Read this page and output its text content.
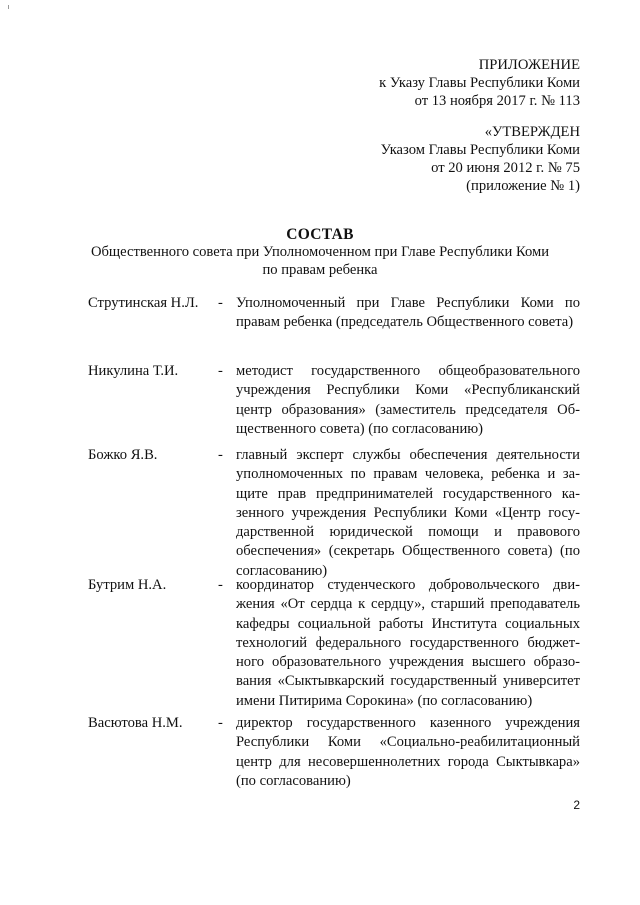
ПРИЛОЖЕНИЕ
к Указу Главы Республики Коми
от 13 ноября 2017 г. № 113
«УТВЕРЖДЕН
Указом Главы Республики Коми
от 20 июня 2012 г. № 75
(приложение № 1)
СОСТАВ
Общественного совета при Уполномоченном при Главе Республики Коми
по правам ребенка
Струтинская Н.Л.	- Уполномоченный при Главе Республики Коми по правам ребенка (председатель Общественного совета)
Никулина Т.И.	- методист государственного общеобразовательного учреждения Республики Коми «Республиканский центр образования» (заместитель председателя Общественного совета) (по согласованию)
Божко Я.В.	- главный эксперт службы обеспечения деятельности уполномоченных по правам человека, ребенка и защите прав предпринимателей государственного казенного учреждения Республики Коми «Центр государственной юридической помощи и правового обеспечения» (секретарь Общественного совета) (по согласованию)
Бутрим Н.А.	- координатор студенческого добровольческого движения «От сердца к сердцу», старший преподаватель кафедры социальной работы Института социальных технологий федерального государственного бюджетного образовательного учреждения высшего образования «Сыктывкарский государственный университет имени Питирима Сорокина» (по согласованию)
Васютова Н.М.	- директор государственного казенного учреждения Республики Коми «Социально-реабилитационный центр для несовершеннолетних города Сыктывкара» (по согласованию)
2
